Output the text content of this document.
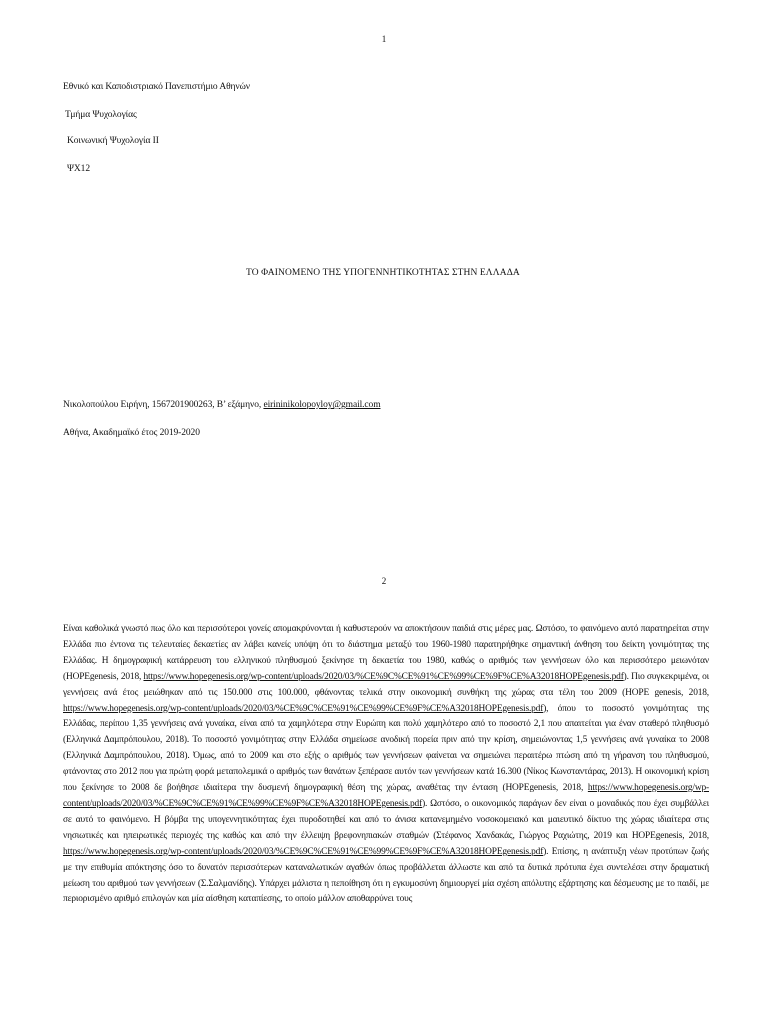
1
Εθνικό και Καποδιστριακό Πανεπιστήμιο Αθηνών
Τμήμα Ψυχολογίας
Κοινωνική Ψυχολογία ΙΙ
ΨΧ12
ΤΟ ΦΑΙΝΟΜΕΝΟ ΤΗΣ ΥΠΟΓΕΝΝΗΤΙΚΟΤΗΤΑΣ ΣΤΗΝ ΕΛΛΑΔΑ
Νικολοπούλου Ειρήνη, 1567201900263, Β’ εξάμηνο, eirininikolopoyloy@gmail.com
Αθήνα, Ακαδημαϊκό έτος 2019-2020
2

Είναι καθολικά γνωστό πως όλο και περισσότεροι γονείς απομακρύνονται ή καθυστερούν να αποκτήσουν παιδιά στις μέρες μας. Ωστόσο, το φαινόμενο αυτό παρατηρείται στην Ελλάδα πιο έντονα τις τελευταίες δεκαετίες αν λάβει κανείς υπόψη ότι το διάστημα μεταξύ του 1960-1980 παρατηρήθηκε σημαντική άνθηση του δείκτη γονιμότητας της Ελλάδας. Η δημογραφική κατάρρευση του ελληνικού πληθυσμού ξεκίνησε τη δεκαετία του 1980, καθώς ο αριθμός των γεννήσεων όλο και περισσότερο μειωνόταν (HOPEgenesis, 2018, https://www.hopegenesis.org/wp-content/uploads/2020/03/%CE%9C%CE%91%CE%99%CE%9F%CE%A32018HOPEgenesis.pdf). Πιο συγκεκριμένα, οι γεννήσεις ανά έτος μειώθηκαν από τις 150.000 στις 100.000, φθάνοντας τελικά στην οικονομική συνθήκη της χώρας στα τέλη του 2009 (HOPE genesis, 2018, https://www.hopegenesis.org/wp-content/uploads/2020/03/%CE%9C%CE%91%CE%99%CE%9F%CE%A32018HOPEgenesis.pdf), όπου το ποσοστό γονιμότητας της Ελλάδας, περίπου 1,35 γεννήσεις ανά γυναίκα, είναι από τα χαμηλότερα στην Ευρώπη και πολύ χαμηλότερο από το ποσοστό 2,1 που απαιτείται για έναν σταθερό πληθυσμό (Ελληνικά Δαμπρόπουλου, 2018). Το ποσοστό γονιμότητας στην Ελλάδα σημείωσε ανοδική πορεία πριν από την κρίση, σημειώνοντας 1,5 γεννήσεις ανά γυναίκα το 2008 (Ελληνικά Δαμπρόπουλου, 2018). Όμως, από το 2009 και στο εξής ο αριθμός των γεννήσεων φαίνεται να σημειώνει περαιτέρω πτώση από τη γήρανση του πληθυσμού, φτάνοντας στο 2012 που για πρώτη φορά μεταπολεμικά ο αριθμός των θανάτων ξεπέρασε αυτόν των γεννήσεων κατά 16.300 (Νίκος Κωνσταντάρας, 2013). Η οικονομική κρίση που ξεκίνησε το 2008 δε βοήθησε ιδιαίτερα την δυσμενή δημογραφική θέση της χώρας, αναθέτας την ένταση (HOPEgenesis, 2018, https://www.hopegenesis.org/wp-content/uploads/2020/03/%CE%9C%CE%91%CE%99%CE%9F%CE%A32018HOPEgenesis.pdf). Ωστόσο, ο οικονομικός παράγων δεν είναι ο μοναδικός που έχει συμβάλλει σε αυτό το φαινόμενο. Η βόμβα της υπογεννητικότητας έχει πυροδοτηθεί και από το άνισα κατανεμημένο νοσοκομειακό και μαιευτικό δίκτυο της χώρας ιδιαίτερα στις νησιωτικές και ηπειρωτικές περιοχές της καθώς και από την έλλειψη βρεφονηπιακών σταθμών (Στέφανος Χανδακάς, Γιώργος Ραχιώτης, 2019 και HOPEgenesis, 2018, https://www.hopegenesis.org/wp-content/uploads/2020/03/%CE%9C%CE%91%CE%99%CE%9F%CE%A32018HOPEgenesis.pdf). Επίσης, η ανάπτυξη νέων προτύπων ζωής με την επιθυμία απόκτησης όσο το δυνατόν περισσότερων καταναλωτικών αγαθών όπως προβάλλεται άλλωστε και από τα δυτικά πρότυπα έχει συντελέσει στην δραματική μείωση του αριθμού των γεννήσεων (Σ.Σαλμανίδης). Υπάρχει μάλιστα η πεποίθηση ότι η εγκυμοσύνη δημιουργεί μία σχέση απόλυτης εξάρτησης και δέσμευσης με το παιδί, με περιορισμένο αριθμό επιλογών και μία αίσθηση καταπίεσης, το οποίο μάλλον αποθαρρύνει τους
